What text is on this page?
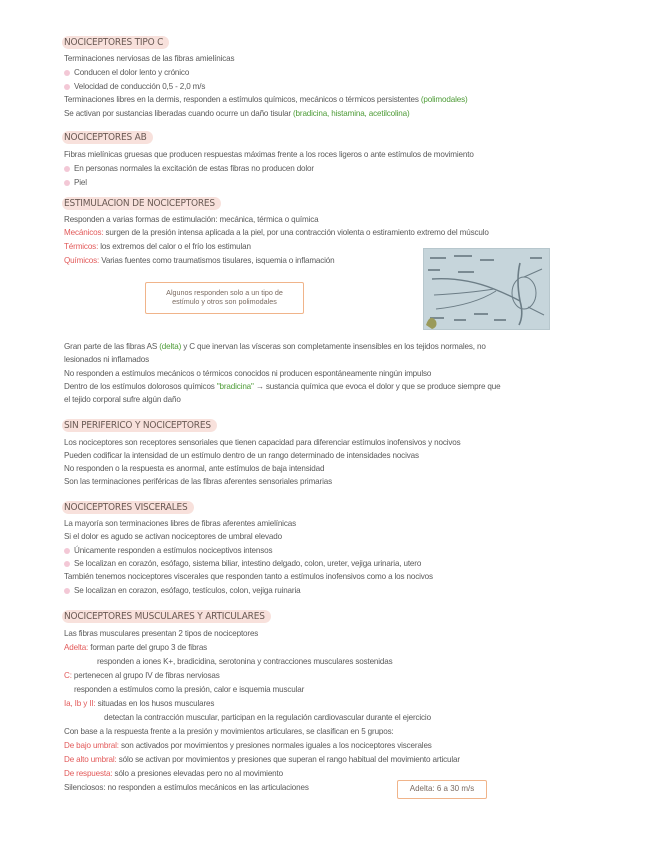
NOCICEPTORES TIPO C
Terminaciones nerviosas de las fibras amielínicas
Conducen el dolor lento y crónico
Velocidad de conducción 0,5 - 2,0 m/s
Terminaciones libres en la dermis, responden a estímulos químicos, mecánicos o térmicos persistentes (polimodales)
Se activan por sustancias liberadas cuando ocurre un daño tisular (bradicina, histamina, acetilcolina)
NOCICEPTORES AB
Fibras mielínicas gruesas que producen respuestas máximas frente a los roces ligeros o ante estímulos de movimiento
En personas normales la excitación de estas fibras no producen dolor
Piel
ESTIMULACION DE NOCICEPTORES
Responden a varias formas de estimulación: mecánica, térmica o química
Mecánicos: surgen de la presión intensa aplicada a la piel, por una contracción violenta o estiramiento extremo del músculo
Térmicos: los extremos del calor o el frío los estimulan
Químicos: Varias fuentes como traumatismos tisulares, isquemia o inflamación
Algunos responden solo a un tipo de
estímulo y otros son polimodales
Gran parte de las fibras AS (delta) y C que inervan las vísceras son completamente insensibles en los tejidos normales, no
lesionados ni inflamados
No responden a estímulos mecánicos o térmicos conocidos ni producen espontáneamente ningún impulso
Dentro de los estímulos dolorosos químicos "bradicina" → sustancia química que evoca el dolor y que se produce siempre que
el tejido corporal sufre algún daño
SIN PERIFERICO Y NOCICEPTORES
Los nociceptores son receptores sensoriales que tienen capacidad para diferenciar estímulos inofensivos y nocivos
Pueden codificar la intensidad de un estímulo dentro de un rango determinado de intensidades nocivas
No responden o la respuesta es anormal, ante estímulos de baja intensidad
Son las terminaciones periféricas de las fibras aferentes sensoriales primarias
NOCICEPTORES VISCERALES
La mayoría son terminaciones libres de fibras aferentes amielínicas
Si el dolor es agudo se activan nociceptores de umbral elevado
Únicamente responden a estímulos nociceptivos intensos
Se localizan en corazón, esófago, sistema biliar, intestino delgado, colon, ureter, vejiga urinaria, utero
También tenemos nociceptores viscerales que responden tanto a estímulos inofensivos como a los nocivos
Se localizan en corazon, esófago, testículos, colon, vejiga ruinaria
NOCICEPTORES MUSCULARES Y ARTICULARES
Las fibras musculares presentan 2 tipos de nociceptores
Adelta: forman parte del grupo 3 de fibras
responden a iones K+, bradicidina, serotonina y contracciones musculares sostenidas
C: pertenecen al grupo IV de fibras nerviosas
responden a estímulos como la presión, calor e isquemia muscular
Ia, Ib y II: situadas en los husos musculares
detectan la contracción muscular, participan en la regulación cardiovascular durante el ejercicio
Con base a la respuesta frente a la presión y movimientos articulares, se clasifican en 5 grupos:
De bajo umbral: son activados por movimientos y presiones normales iguales a los nociceptores viscerales
De alto umbral: sólo se activan por movimientos y presiones que superan el rango habitual del movimiento articular
De respuesta: sólo a presiones elevadas pero no al movimiento
Silenciosos: no responden a estímulos mecánicos en las articulaciones	Adelta: 6 a 30 m/s
